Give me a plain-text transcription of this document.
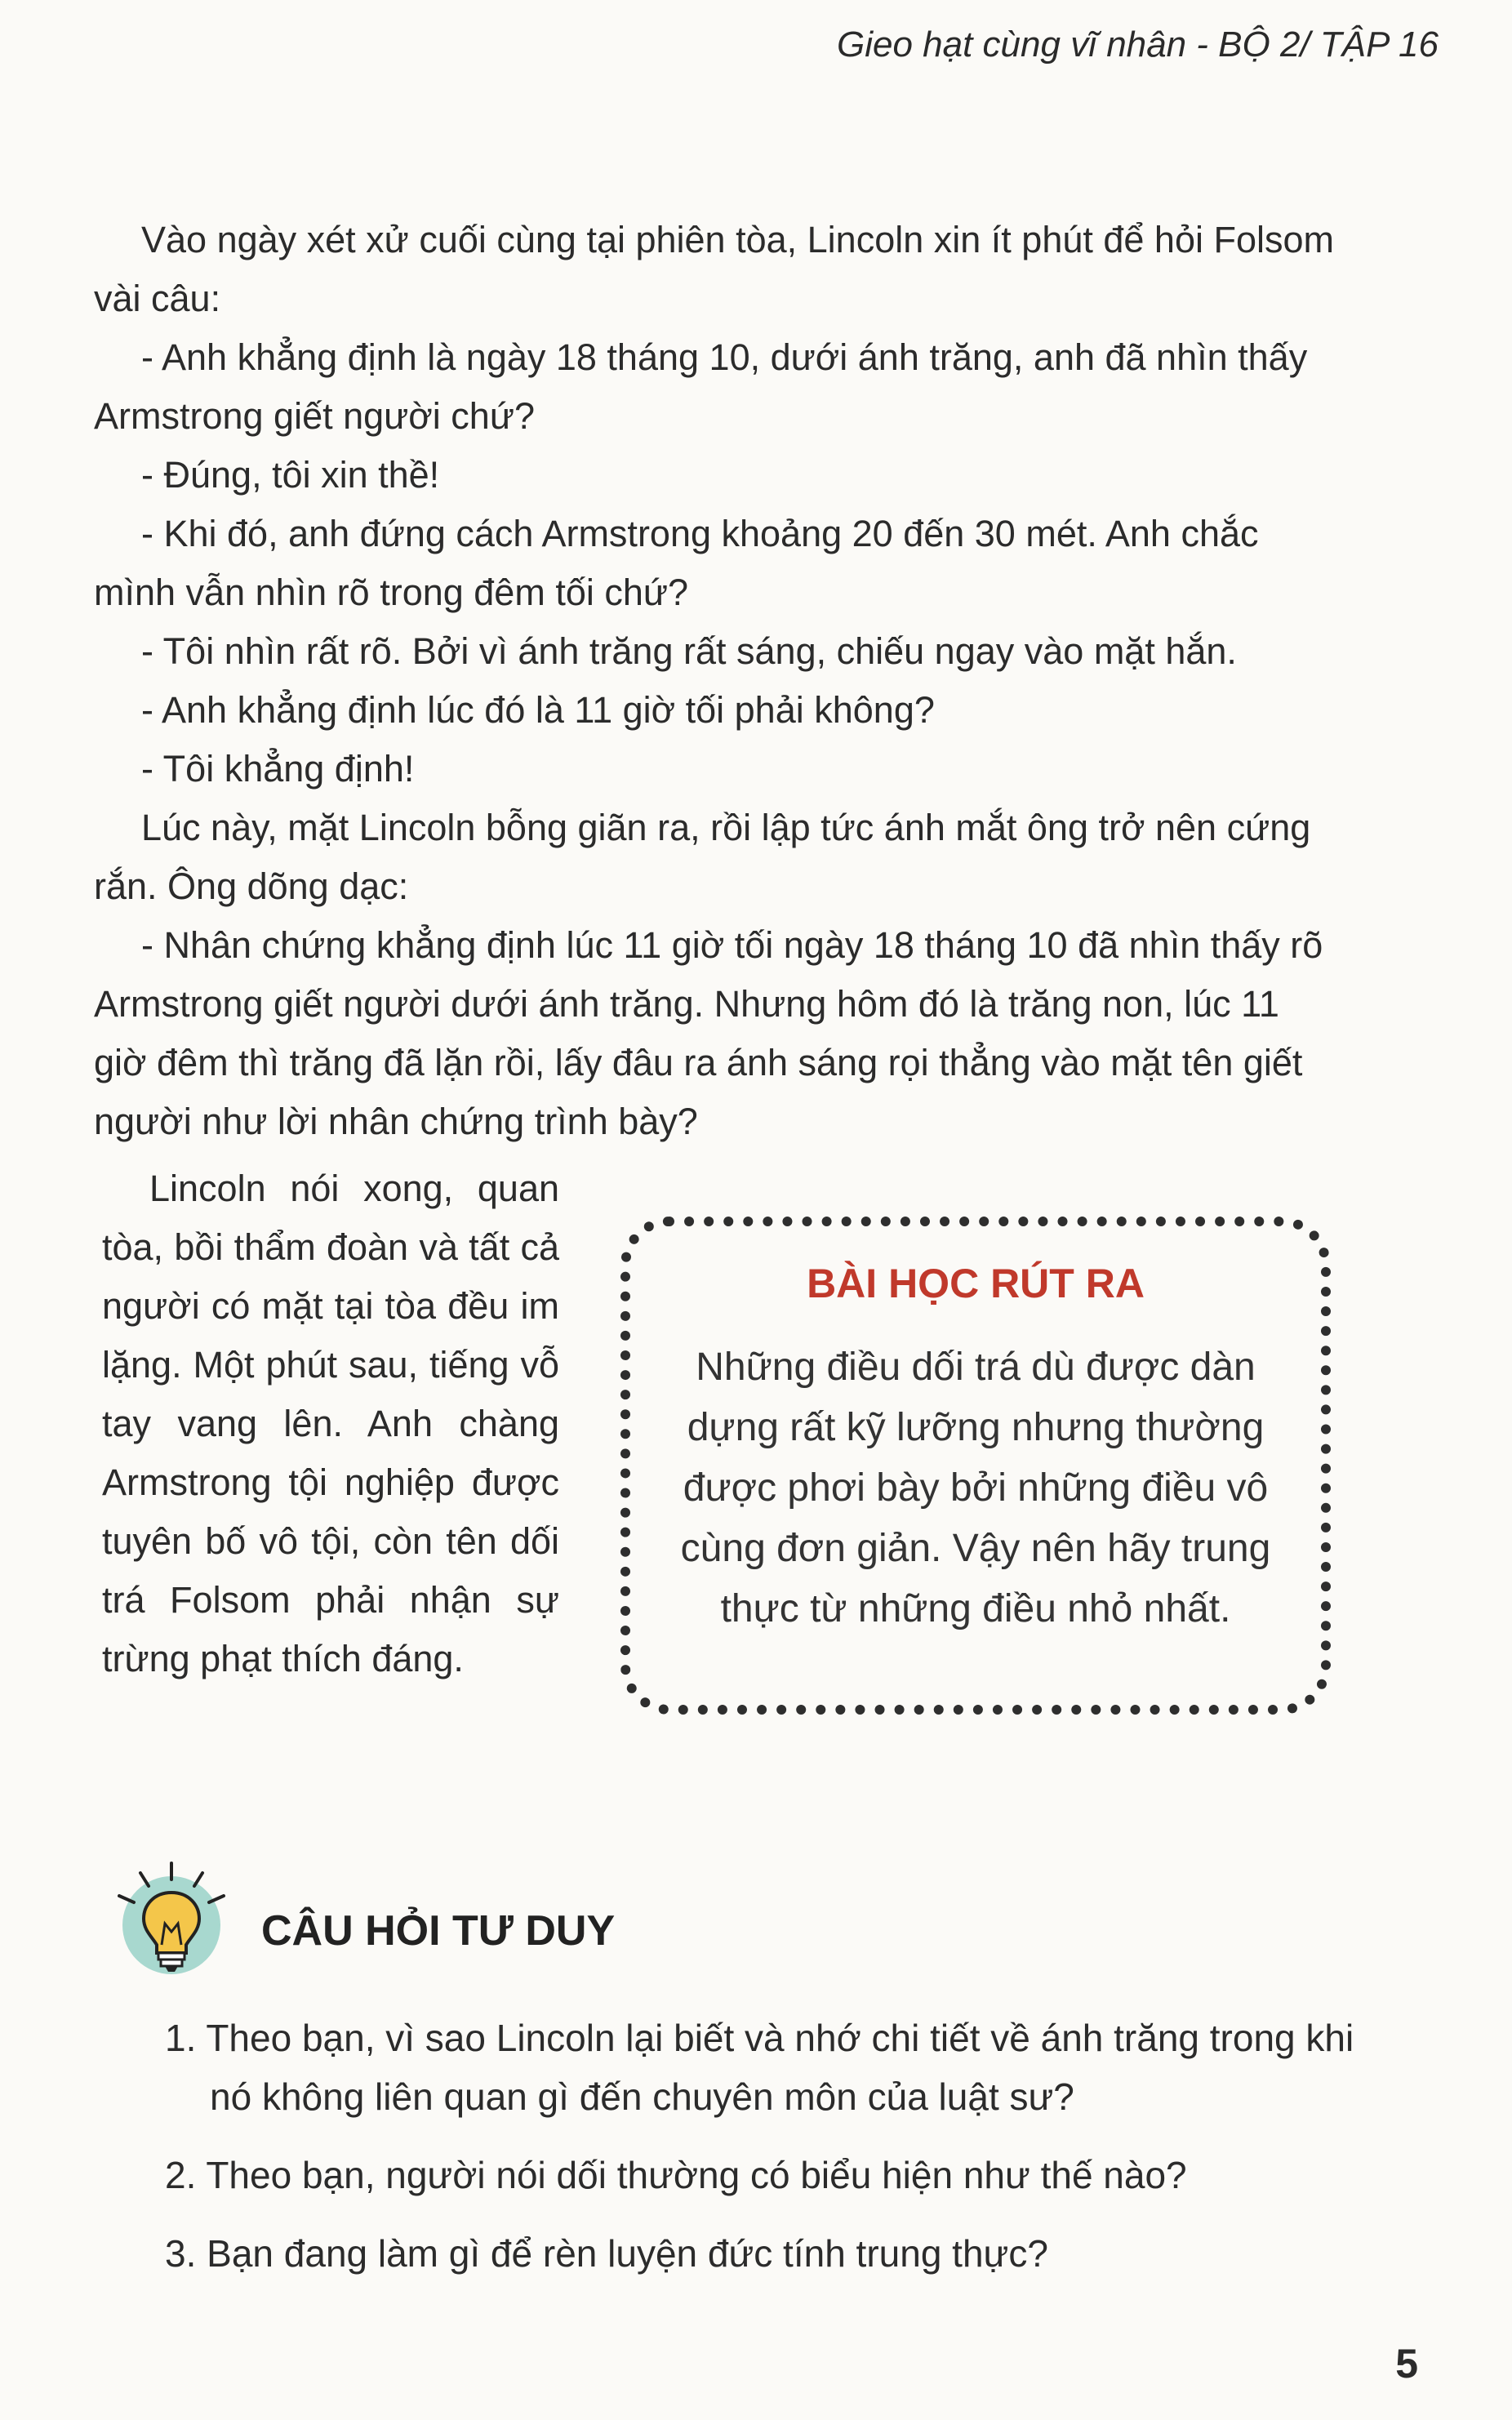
Gieo hạt cùng vĩ nhân - BỘ 2/ TẬP 16

Vào ngày xét xử cuối cùng tại phiên tòa, Lincoln xin ít phút để hỏi Folsom vài câu:

- Anh khẳng định là ngày 18 tháng 10, dưới ánh trăng, anh đã nhìn thấy Armstrong giết người chứ?

- Đúng, tôi xin thề!

- Khi đó, anh đứng cách Armstrong khoảng 20 đến 30 mét. Anh chắc mình vẫn nhìn rõ trong đêm tối chứ?

- Tôi nhìn rất rõ. Bởi vì ánh trăng rất sáng, chiếu ngay vào mặt hắn.

- Anh khẳng định lúc đó là 11 giờ tối phải không?

- Tôi khẳng định!

Lúc này, mặt Lincoln bỗng giãn ra, rồi lập tức ánh mắt ông trở nên cứng rắn. Ông dõng dạc:

- Nhân chứng khẳng định lúc 11 giờ tối ngày 18 tháng 10 đã nhìn thấy rõ Armstrong giết người dưới ánh trăng. Nhưng hôm đó là trăng non, lúc 11 giờ đêm thì trăng đã lặn rồi, lấy đâu ra ánh sáng rọi thẳng vào mặt tên giết người như lời nhân chứng trình bày?

Lincoln nói xong, quan tòa, bồi thẩm đoàn và tất cả người có mặt tại tòa đều im lặng. Một phút sau, tiếng vỗ tay vang lên. Anh chàng Armstrong tội nghiệp được tuyên bố vô tội, còn tên dối trá Folsom phải nhận sự trừng phạt thích đáng.

BÀI HỌC RÚT RA

Những điều dối trá dù được dàn dựng rất kỹ lưỡng nhưng thường được phơi bày bởi những điều vô cùng đơn giản. Vậy nên hãy trung thực từ những điều nhỏ nhất.

CÂU HỎI TƯ DUY

1. Theo bạn, vì sao Lincoln lại biết và nhớ chi tiết về ánh trăng trong khi nó không liên quan gì đến chuyên môn của luật sư?

2. Theo bạn, người nói dối thường có biểu hiện như thế nào?

3. Bạn đang làm gì để rèn luyện đức tính trung thực?

5
